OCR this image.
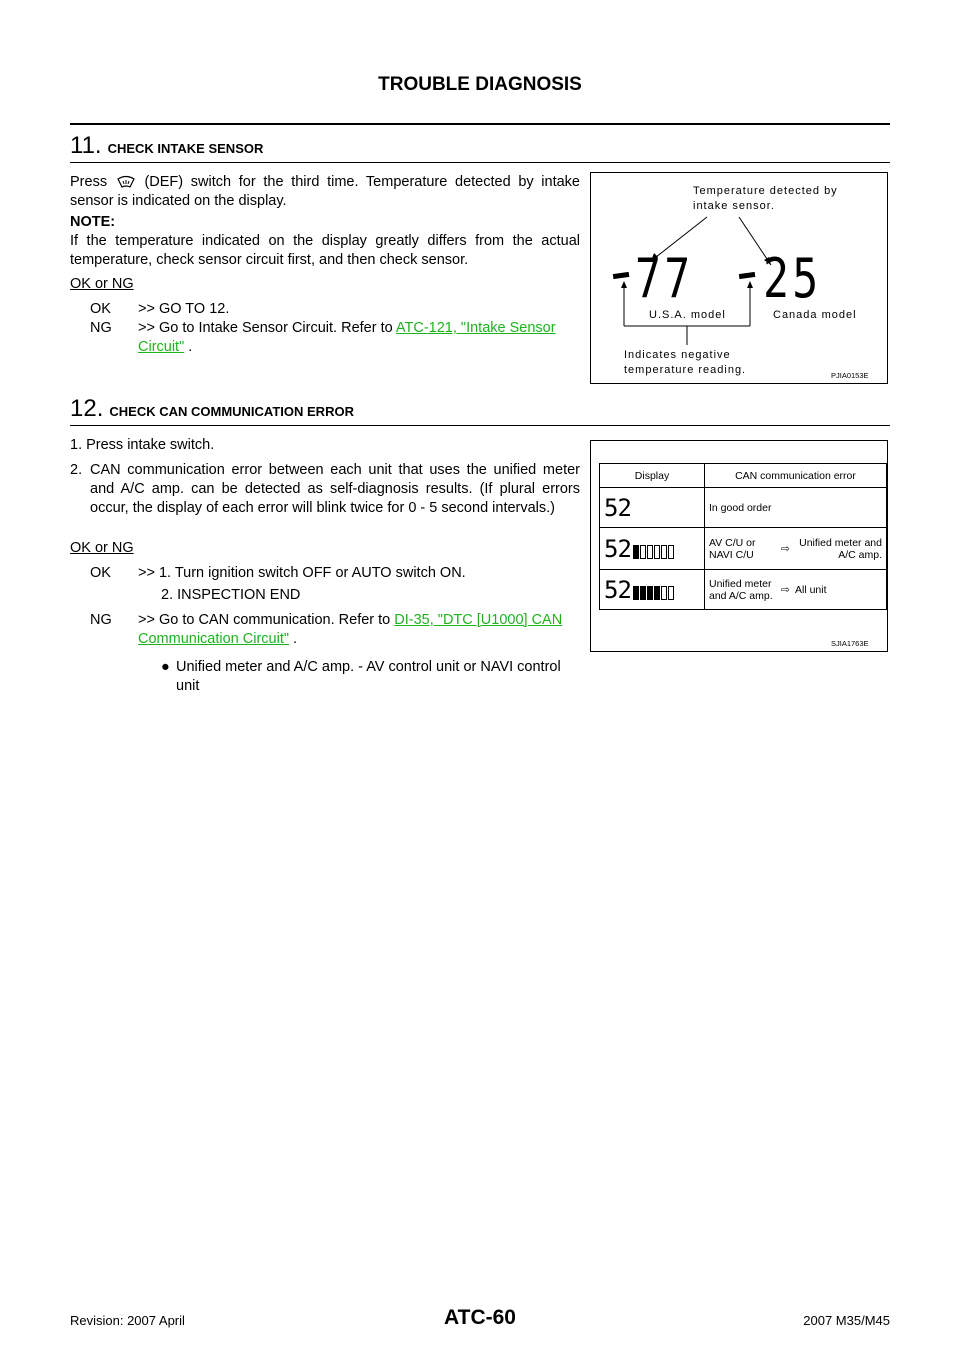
TROUBLE DIAGNOSIS
11. CHECK INTAKE SENSOR
Press	(DEF) switch for the third time. Temperature detected by intake sensor is indicated on the display.
NOTE:
If the temperature indicated on the display greatly differs from the actual temperature, check sensor circuit first, and then check sensor.
OK or NG
OK >> GO TO 12.
NG >> Go to Intake Sensor Circuit. Refer to ATC-121, "Intake Sensor Circuit" .
Temperature detected by
intake sensor.
77 25
U.S.A. model	Canada model
Indicates negative
temperature reading.	PJIA0153E
12. CHECK CAN COMMUNICATION ERROR
1. Press intake switch.
2. CAN communication error between each unit that uses the unified meter and A/C amp. can be detected as self-diagnosis results. (If plural errors occur, the display of each error will blink twice for 0 - 5 second intervals.)
OK or NG
OK >> 1. Turn ignition switch OFF or AUTO switch ON.
2. INSPECTION END
NG >> Go to CAN communication. Refer to DI-35, "DTC [U1000] CAN Communication Circuit" .
● Unified meter and A/C amp. - AV control unit or NAVI control unit
Display	CAN communication error
52	In good order
52	AV C/U or NAVI C/U ⇨ Unified meter and A/C amp.

52	Unified meter and A/C amp. ⇨ All unit
SJIA1763E
Revision: 2007 April	ATC-60	2007 M35/M45
